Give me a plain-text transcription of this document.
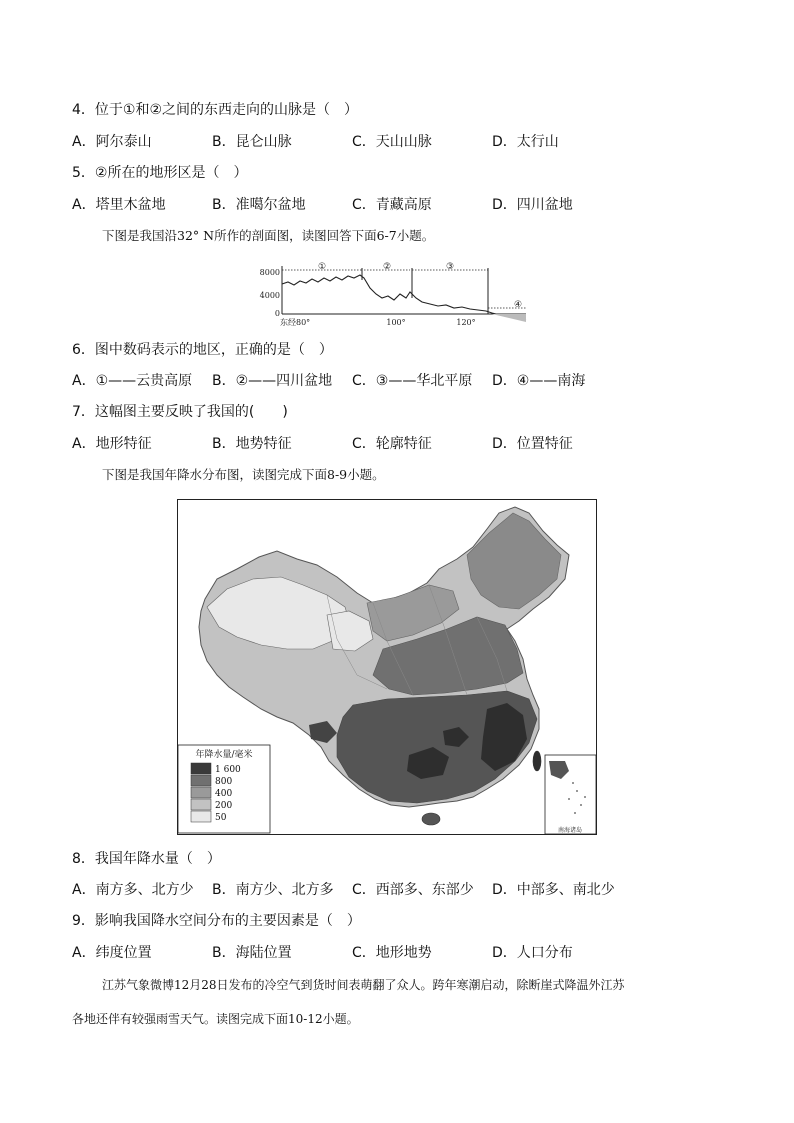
4．位于①和②之间的东西走向的山脉是（　）
A．阿尔泰山	B．昆仑山脉	C．天山山脉	D．太行山
5．②所在的地形区是（　）
A．塔里木盆地	B．准噶尔盆地	C．青藏高原	D．四川盆地
下图是我国沿32° N所作的剖面图，读图回答下面6-7小题。
8000
4000
0
东经80°	100°	120°
①	②	③
④
6．图中数码表示的地区，正确的是（　）
A．①——云贵高原 B．②——四川盆地 C．③——华北平原 D．④——南海
7．这幅图主要反映了我国的(　　)
A．地形特征	B．地势特征	C．轮廓特征	D．位置特征
下图是我国年降水分布图，读图完成下面8-9小题。
年降水量/毫米
1 600
800
400
200
50
南海诸岛
8．我国年降水量（　）
A．南方多、北方少 B．南方少、北方多 C．西部多、东部少 D．中部多、南北少
9．影响我国降水空间分布的主要因素是（　）
A．纬度位置	B．海陆位置	C．地形地势	D．人口分布
江苏气象微博12月28日发布的冷空气到货时间表萌翻了众人。跨年寒潮启动，除断崖式降温外江苏
各地还伴有较强雨雪天气。读图完成下面10-12小题。
